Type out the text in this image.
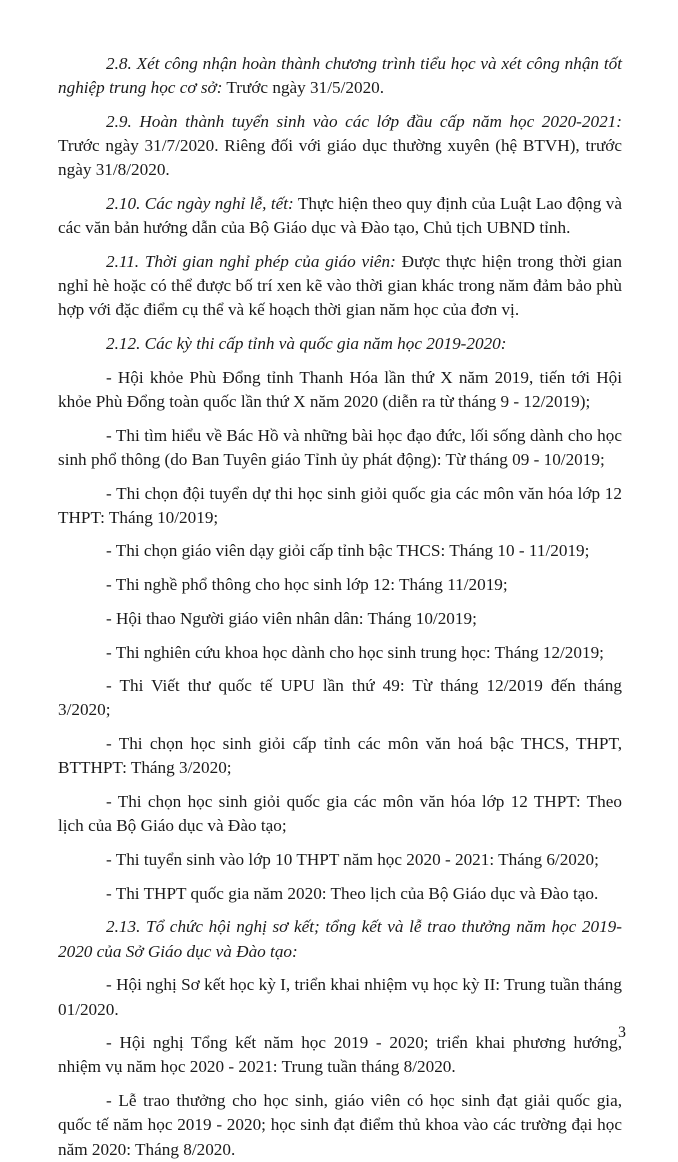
2.8. Xét công nhận hoàn thành chương trình tiểu học và xét công nhận tốt nghiệp trung học cơ sở: Trước ngày 31/5/2020.

2.9. Hoàn thành tuyển sinh vào các lớp đầu cấp năm học 2020-2021: Trước ngày 31/7/2020. Riêng đối với giáo dục thường xuyên (hệ BTVH), trước ngày 31/8/2020.

2.10. Các ngày nghỉ lễ, tết: Thực hiện theo quy định của Luật Lao động và các văn bản hướng dẫn của Bộ Giáo dục và Đào tạo, Chủ tịch UBND tỉnh.

2.11. Thời gian nghỉ phép của giáo viên: Được thực hiện trong thời gian nghỉ hè hoặc có thể được bố trí xen kẽ vào thời gian khác trong năm đảm bảo phù hợp với đặc điểm cụ thể và kế hoạch thời gian năm học của đơn vị.

2.12. Các kỳ thi cấp tỉnh và quốc gia năm học 2019-2020:

- Hội khỏe Phù Đổng tỉnh Thanh Hóa lần thứ X năm 2019, tiến tới Hội khỏe Phù Đổng toàn quốc lần thứ X năm 2020 (diễn ra từ tháng 9 - 12/2019);

- Thi tìm hiểu về Bác Hồ và những bài học đạo đức, lối sống dành cho học sinh phổ thông (do Ban Tuyên giáo Tỉnh ủy phát động): Từ tháng 09 - 10/2019;

- Thi chọn đội tuyển dự thi học sinh giỏi quốc gia các môn văn hóa lớp 12 THPT: Tháng 10/2019;

- Thi chọn giáo viên dạy giỏi cấp tỉnh bậc THCS: Tháng 10 - 11/2019;

- Thi nghề phổ thông cho học sinh lớp 12: Tháng 11/2019;

- Hội thao Người giáo viên nhân dân: Tháng 10/2019;

- Thi nghiên cứu khoa học dành cho học sinh trung học: Tháng 12/2019;

- Thi Viết thư quốc tế UPU lần thứ 49: Từ tháng 12/2019 đến tháng 3/2020;

- Thi chọn học sinh giỏi cấp tỉnh các môn văn hoá bậc THCS, THPT, BTTHPT: Tháng 3/2020;

- Thi chọn học sinh giỏi quốc gia các môn văn hóa lớp 12 THPT: Theo lịch của Bộ Giáo dục và Đào tạo;

- Thi tuyển sinh vào lớp 10 THPT năm học 2020 - 2021: Tháng 6/2020;

- Thi THPT quốc gia năm 2020: Theo lịch của Bộ Giáo dục và Đào tạo.

2.13. Tổ chức hội nghị sơ kết; tổng kết và lễ trao thưởng năm học 2019-2020 của Sở Giáo dục và Đào tạo:

- Hội nghị Sơ kết học kỳ I, triển khai nhiệm vụ học kỳ II: Trung tuần tháng 01/2020.

- Hội nghị Tổng kết năm học 2019 - 2020; triển khai phương hướng, nhiệm vụ năm học 2020 - 2021: Trung tuần tháng 8/2020.

- Lễ trao thưởng cho học sinh, giáo viên có học sinh đạt giải quốc gia, quốc tế năm học 2019 - 2020; học sinh đạt điểm thủ khoa vào các trường đại học năm 2020: Tháng 8/2020.

3
